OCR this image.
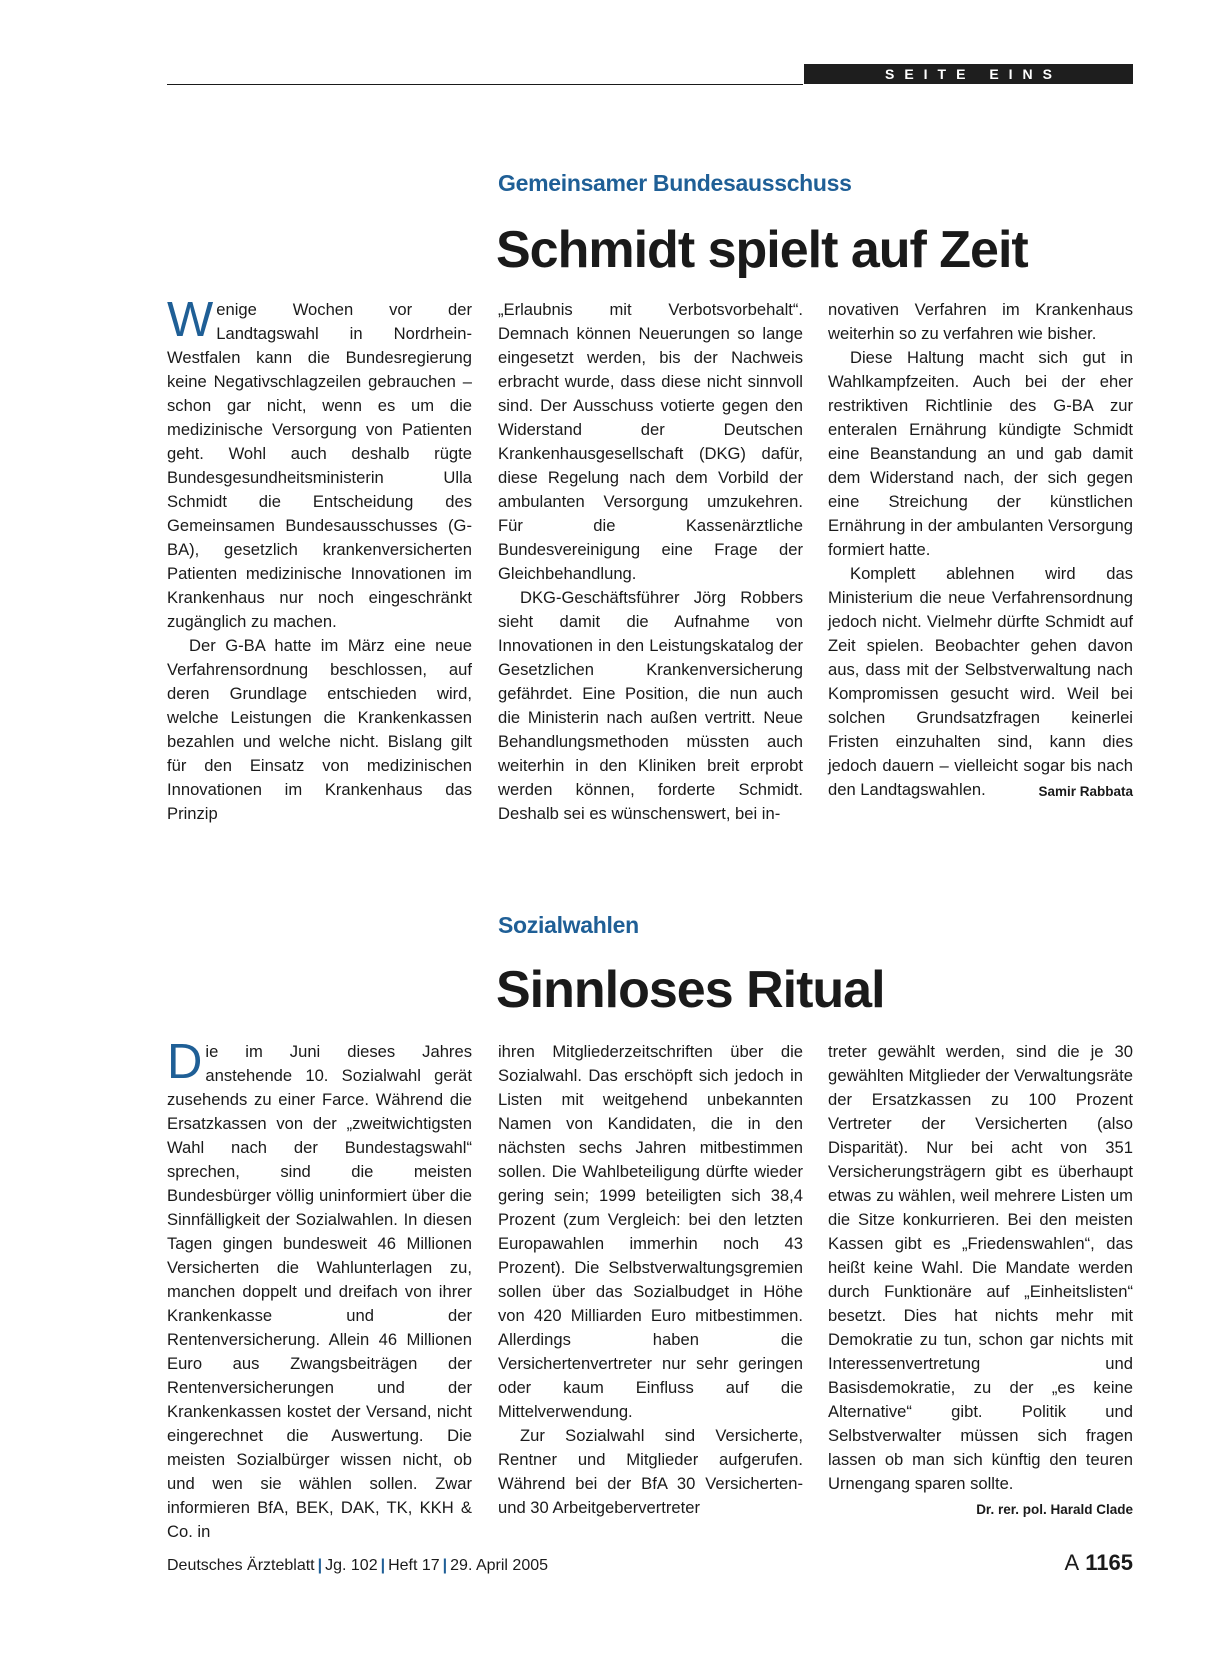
SEITE EINS
Gemeinsamer Bundesausschuss
Schmidt spielt auf Zeit

Wenige Wochen vor der Landtagswahl in Nordrhein-Westfalen kann die Bundesregierung keine Negativschlagzeilen gebrauchen – schon gar nicht, wenn es um die medizinische Versorgung von Patienten geht. Wohl auch deshalb rügte Bundesgesundheitsministerin Ulla Schmidt die Entscheidung des Gemeinsamen Bundesausschusses (G-BA), gesetzlich krankenversicherten Patienten medizinische Innovationen im Krankenhaus nur noch eingeschränkt zugänglich zu machen.

Der G-BA hatte im März eine neue Verfahrensordnung beschlossen, auf deren Grundlage entschieden wird, welche Leistungen die Krankenkassen bezahlen und welche nicht. Bislang gilt für den Einsatz von medizinischen Innovationen im Krankenhaus das Prinzip

„Erlaubnis mit Verbotsvorbehalt“. Demnach können Neuerungen so lange eingesetzt werden, bis der Nachweis erbracht wurde, dass diese nicht sinnvoll sind. Der Ausschuss votierte gegen den Widerstand der Deutschen Krankenhausgesellschaft (DKG) dafür, diese Regelung nach dem Vorbild der ambulanten Versorgung umzukehren. Für die Kassenärztliche Bundesvereinigung eine Frage der Gleichbehandlung.

DKG-Geschäftsführer Jörg Robbers sieht damit die Aufnahme von Innovationen in den Leistungskatalog der Gesetzlichen Krankenversicherung gefährdet. Eine Position, die nun auch die Ministerin nach außen vertritt. Neue Behandlungsmethoden müssten auch weiterhin in den Kliniken breit erprobt werden können, forderte Schmidt. Deshalb sei es wünschenswert, bei in-

novativen Verfahren im Krankenhaus weiterhin so zu verfahren wie bisher.

Diese Haltung macht sich gut in Wahlkampfzeiten. Auch bei der eher restriktiven Richtlinie des G-BA zur enteralen Ernährung kündigte Schmidt eine Beanstandung an und gab damit dem Widerstand nach, der sich gegen eine Streichung der künstlichen Ernährung in der ambulanten Versorgung formiert hatte.

Komplett ablehnen wird das Ministerium die neue Verfahrensordnung jedoch nicht. Vielmehr dürfte Schmidt auf Zeit spielen. Beobachter gehen davon aus, dass mit der Selbstverwaltung nach Kompromissen gesucht wird. Weil bei solchen Grundsatzfragen keinerlei Fristen einzuhalten sind, kann dies jedoch dauern – vielleicht sogar bis nach den Landtagswahlen.	Samir Rabbata

Sozialwahlen
Sinnloses Ritual

Die im Juni dieses Jahres anstehende 10. Sozialwahl gerät zusehends zu einer Farce. Während die Ersatzkassen von der „zweitwichtigsten Wahl nach der Bundestagswahl“ sprechen, sind die meisten Bundesbürger völlig uninformiert über die Sinnfälligkeit der Sozialwahlen. In diesen Tagen gingen bundesweit 46 Millionen Versicherten die Wahlunterlagen zu, manchen doppelt und dreifach von ihrer Krankenkasse und der Rentenversicherung. Allein 46 Millionen Euro aus Zwangsbeiträgen der Rentenversicherungen und der Krankenkassen kostet der Versand, nicht eingerechnet die Auswertung. Die meisten Sozialbürger wissen nicht, ob und wen sie wählen sollen. Zwar informieren BfA, BEK, DAK, TK, KKH & Co. in

ihren Mitgliederzeitschriften über die Sozialwahl. Das erschöpft sich jedoch in Listen mit weitgehend unbekannten Namen von Kandidaten, die in den nächsten sechs Jahren mitbestimmen sollen. Die Wahlbeteiligung dürfte wieder gering sein; 1999 beteiligten sich 38,4 Prozent (zum Vergleich: bei den letzten Europawahlen immerhin noch 43 Prozent). Die Selbstverwaltungsgremien sollen über das Sozialbudget in Höhe von 420 Milliarden Euro mitbestimmen. Allerdings haben die Versichertenvertreter nur sehr geringen oder kaum Einfluss auf die Mittelverwendung.

Zur Sozialwahl sind Versicherte, Rentner und Mitglieder aufgerufen. Während bei der BfA 30 Versicherten- und 30 Arbeitgebervertreter

treter gewählt werden, sind die je 30 gewählten Mitglieder der Verwaltungsräte der Ersatzkassen zu 100 Prozent Vertreter der Versicherten (also Disparität). Nur bei acht von 351 Versicherungsträgern gibt es überhaupt etwas zu wählen, weil mehrere Listen um die Sitze konkurrieren. Bei den meisten Kassen gibt es „Friedenswahlen“, das heißt keine Wahl. Die Mandate werden durch Funktionäre auf „Einheitslisten“ besetzt. Dies hat nichts mehr mit Demokratie zu tun, schon gar nichts mit Interessenvertretung und Basisdemokratie, zu der „es keine Alternative“ gibt. Politik und Selbstverwalter müssen sich fragen lassen ob man sich künftig den teuren Urnengang sparen sollte.
Dr. rer. pol. Harald Clade

Deutsches Ärzteblatt | Jg. 102 | Heft 17 | 29. April 2005	A 1165
